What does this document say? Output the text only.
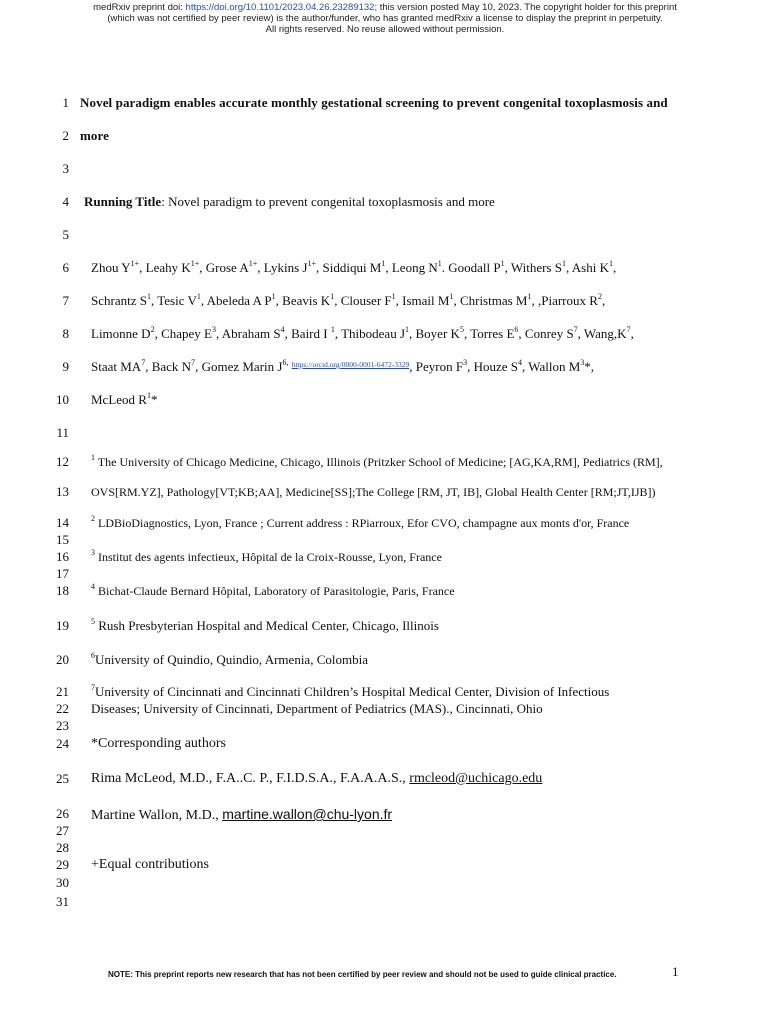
medRxiv preprint doi: https://doi.org/10.1101/2023.04.26.23289132; this version posted May 10, 2023. The copyright holder for this preprint
(which was not certified by peer review) is the author/funder, who has granted medRxiv a license to display the preprint in perpetuity.
All rights reserved. No reuse allowed without permission.
1
2
3
4
5
6
7
8
9
10
11
12
13
14
15
16
17
18
19
20
21
22
23
24
25
26
27
28
29
30
31
Novel paradigm enables accurate monthly gestational screening to prevent congenital toxoplasmosis and
more
Running Title: Novel paradigm to prevent congenital toxoplasmosis and more
Zhou $Y^{1+}$, Leahy $K^{1+}$, Grose $A^{1+}$, Lykins $J^{1+}$, Siddiqui $M^1$, Leong $N^1$. Goodall $P^1$, Withers $S^1$, Ashi $K^1$,
Schrantz $S^1$, Tesic $V^1$, Abeleda A $P^1$, Beavis $K^1$, Clouser $F^1$, Ismail $M^1$, Christmas $M^1$, ,Piarroux $R^2$,
Limonne $D^2$, Chapey $E^3$, Abraham $S^4$, Baird I $^1$, Thibodeau $J^1$, Boyer $K^5$, Torres $E^6$, Conrey $S^7$, $Wang,K^7$,
Staat $MA^7$, Back $N^7$, Gomez Marin $J^{6,}$ $^{https://orcid.org/0000-0001-6472-3329}$, Peyron $F^3$, Houze $S^4$, Wallon $M^3*$,
McLeod $R^1*$
$^1$ The University of Chicago Medicine, Chicago, Illinois (Pritzker School of Medicine; [AG,KA,RM], Pediatrics (RM],
OVS[RM.YZ], Pathology[VT;KB;AA], Medicine[SS];The College [RM, JT, IB], Global Health Center [RM;JT,IJB])
$^2$ LDBioDiagnostics, Lyon, France ; Current address : RPiarroux, Efor CVO, champagne aux monts d'or, France
$^3$ Institut des agents infectieux, Hôpital de la Croix-Rousse, Lyon, France
$^4$ Bichat-Claude Bernard Hôpital, Laboratory of Parasitologie, Paris, France
$^5$ Rush Presbyterian Hospital and Medical Center, Chicago, Illinois
$^6$University of Quindio, Quindio, Armenia, Colombia
$^7$University of Cincinnati and Cincinnati Children’s Hospital Medical Center, Division of Infectious
Diseases; University of Cincinnati, Department of Pediatrics (MAS)., Cincinnati, Ohio
*Corresponding authors
Rima McLeod, M.D., F.A..C. P., F.I.D.S.A., F.A.A.A.S., rmcleod@uchicago.edu
Martine Wallon, M.D., martine.wallon@chu-lyon.fr
+Equal contributions
NOTE: This preprint reports new research that has not been certified by peer review and should not be used to guide clinical practice.	1
